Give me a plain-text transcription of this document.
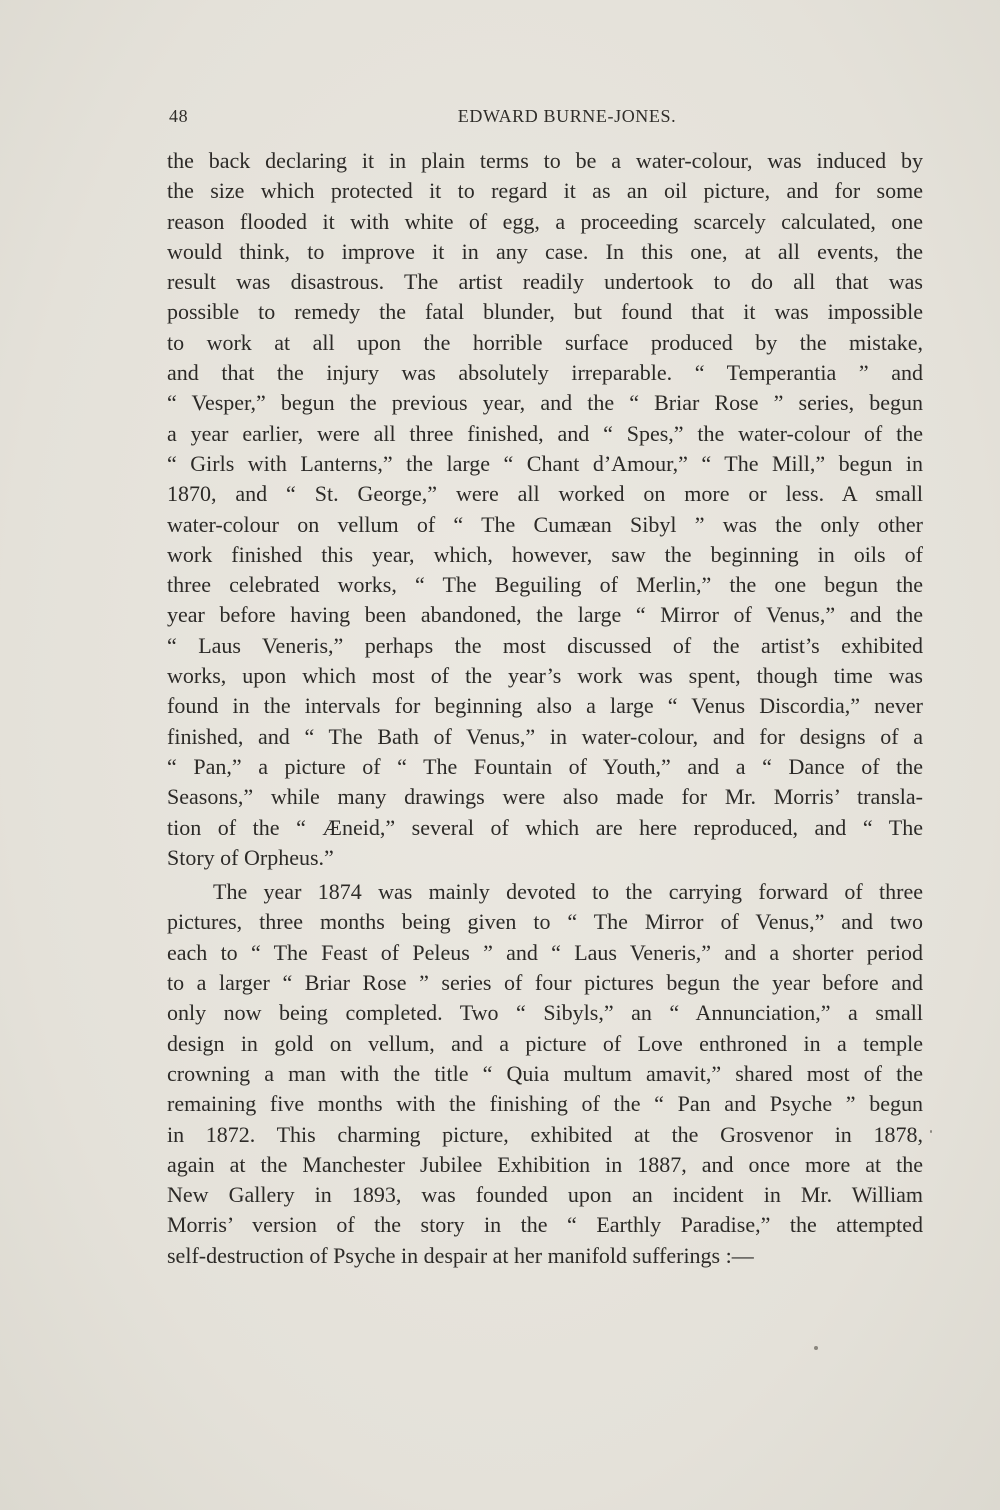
48	EDWARD BURNE-JONES.
the back declaring it in plain terms to be a water-colour, was induced by
the size which protected it to regard it as an oil picture, and for some
reason flooded it with white of egg, a proceeding scarcely calculated, one
would think, to improve it in any case. In this one, at all events, the
result was disastrous. The artist readily undertook to do all that was
possible to remedy the fatal blunder, but found that it was impossible
to work at all upon the horrible surface produced by the mistake,
and that the injury was absolutely irreparable. “ Temperantia ” and
“ Vesper,” begun the previous year, and the “ Briar Rose ” series, begun
a year earlier, were all three finished, and “ Spes,” the water-colour of the
“ Girls with Lanterns,” the large “ Chant d’Amour,” “ The Mill,” begun in
1870, and “ St. George,” were all worked on more or less. A small
water-colour on vellum of “ The Cumæan Sibyl ” was the only other
work finished this year, which, however, saw the beginning in oils of
three celebrated works, “ The Beguiling of Merlin,” the one begun the
year before having been abandoned, the large “ Mirror of Venus,” and the
“ Laus Veneris,” perhaps the most discussed of the artist’s exhibited
works, upon which most of the year’s work was spent, though time was
found in the intervals for beginning also a large “ Venus Discordia,” never
finished, and “ The Bath of Venus,” in water-colour, and for designs of a
“ Pan,” a picture of “ The Fountain of Youth,” and a “ Dance of the
Seasons,” while many drawings were also made for Mr. Morris’ transla-
tion of the “ Æneid,” several of which are here reproduced, and “ The
Story of Orpheus.”
The year 1874 was mainly devoted to the carrying forward of three
pictures, three months being given to “ The Mirror of Venus,” and two
each to “ The Feast of Peleus ” and “ Laus Veneris,” and a shorter period
to a larger “ Briar Rose ” series of four pictures begun the year before and
only now being completed. Two “ Sibyls,” an “ Annunciation,” a small
design in gold on vellum, and a picture of Love enthroned in a temple
crowning a man with the title “ Quia multum amavit,” shared most of the
remaining five months with the finishing of the “ Pan and Psyche ” begun
in 1872. This charming picture, exhibited at the Grosvenor in 1878,
again at the Manchester Jubilee Exhibition in 1887, and once more at the
New Gallery in 1893, was founded upon an incident in Mr. William
Morris’ version of the story in the “ Earthly Paradise,” the attempted
self-destruction of Psyche in despair at her manifold sufferings :—
